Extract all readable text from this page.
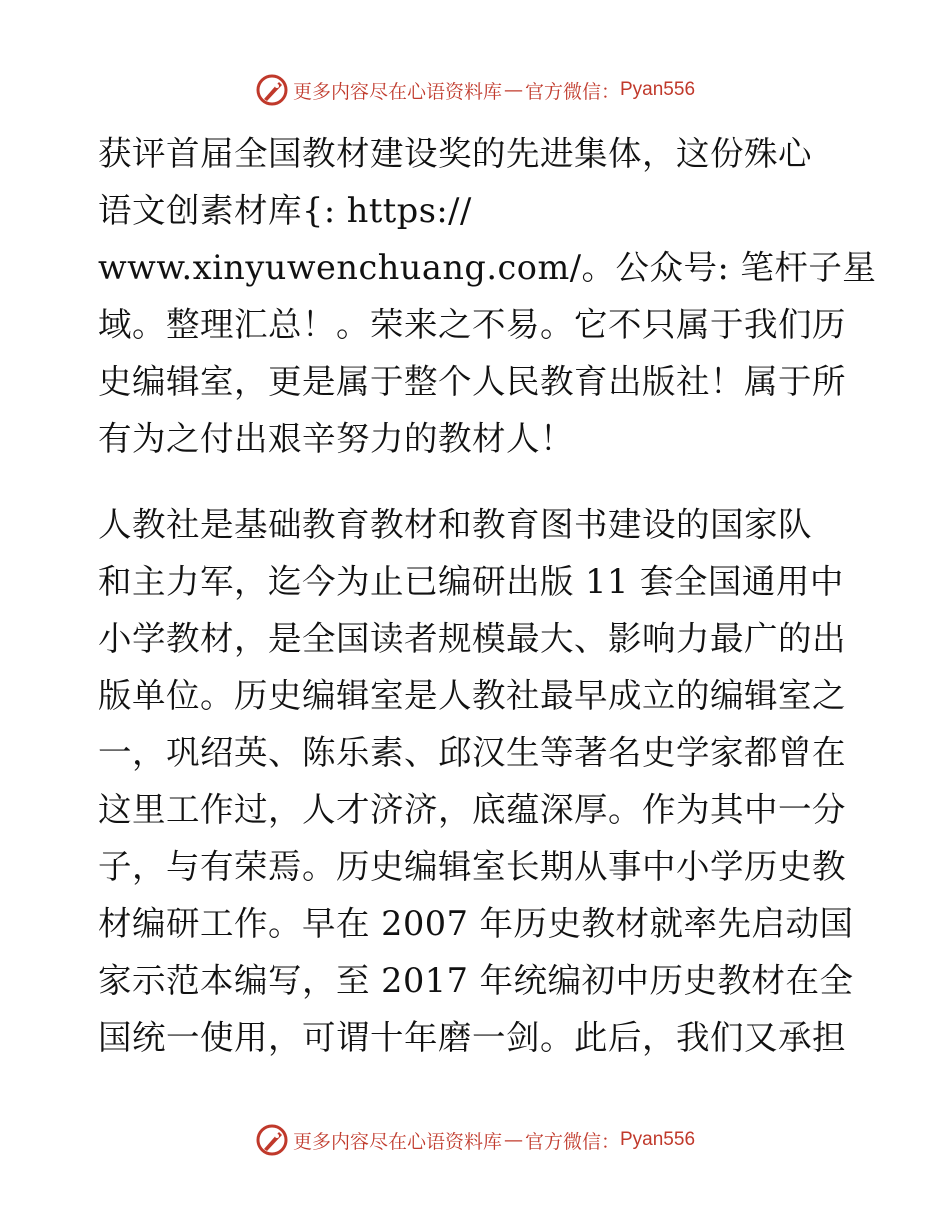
更多内容尽在心语资料库 — 官方微信： Pyan556

获评首届全国教材建设奖的先进集体，这份殊心
语文创素材库{: https://
www.xinyuwenchuang.com/。公众号: 笔杆子星
域。整理汇总！。荣来之不易。它不只属于我们历
史编辑室，更是属于整个人民教育出版社！属于所
有为之付出艰辛努力的教材人！

人教社是基础教育教材和教育图书建设的国家队
和主力军，迄今为止已编研出版 11 套全国通用中
小学教材，是全国读者规模最大、影响力最广的出
版单位。历史编辑室是人教社最早成立的编辑室之
一，巩绍英、陈乐素、邱汉生等著名史学家都曾在
这里工作过，人才济济，底蕴深厚。作为其中一分
子，与有荣焉。历史编辑室长期从事中小学历史教
材编研工作。早在 2007 年历史教材就率先启动国
家示范本编写，至 2017 年统编初中历史教材在全
国统一使用，可谓十年磨一剑。此后，我们又承担

更多内容尽在心语资料库 — 官方微信： Pyan556
